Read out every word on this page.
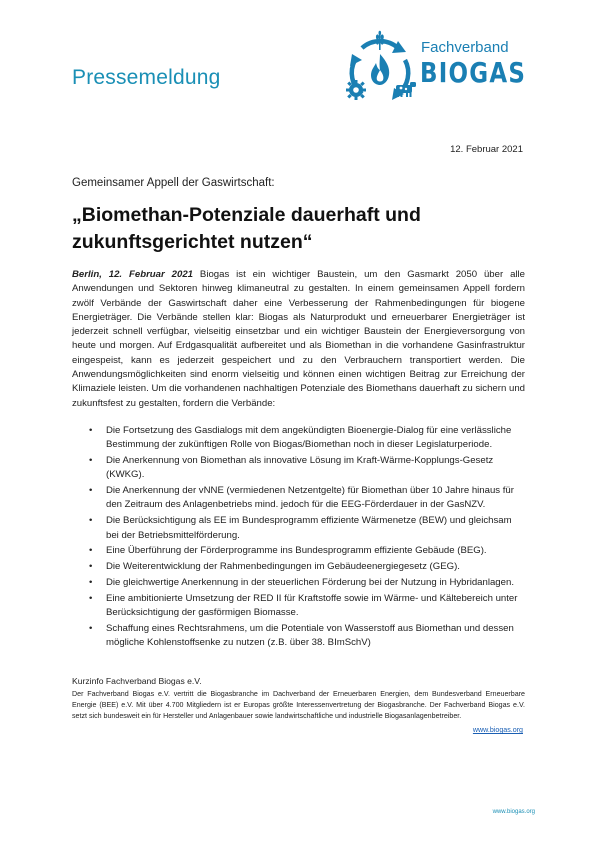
Pressemeldung
Fachverband
BIOGAS
12. Februar 2021
Gemeinsamer Appell der Gaswirtschaft:
„Biomethan-Potenziale dauerhaft und zukunftsgerichtet nutzen“
Berlin, 12. Februar 2021 Biogas ist ein wichtiger Baustein, um den Gasmarkt 2050 über alle Anwendungen und Sektoren hinweg klimaneutral zu gestalten. In einem gemeinsamen Appell fordern zwölf Verbände der Gaswirtschaft daher eine Verbesserung der Rahmenbedingungen für biogene Energieträger. Die Verbände stellen klar: Biogas als Naturprodukt und erneuerbarer Energieträger ist jederzeit schnell verfügbar, vielseitig einsetzbar und ein wichtiger Baustein der Energieversorgung von heute und morgen. Auf Erdgasqualität aufbereitet und als Biomethan in die vorhandene Gasinfrastruktur eingespeist, kann es jederzeit gespeichert und zu den Verbrauchern transportiert werden. Die Anwendungsmöglichkeiten sind enorm vielseitig und können einen wichtigen Beitrag zur Erreichung der Klimaziele leisten. Um die vorhandenen nachhaltigen Potenziale des Biomethans dauerhaft zu sichern und zukunftsfest zu gestalten, fordern die Verbände:
• Die Fortsetzung des Gasdialogs mit dem angekündigten Bioenergie-Dialog für eine verlässliche Bestimmung der zukünftigen Rolle von Biogas/Biomethan noch in dieser Legislaturperiode.
• Die Anerkennung von Biomethan als innovative Lösung im Kraft-Wärme-Kopplungs-Gesetz (KWKG).
• Die Anerkennung der vNNE (vermiedenen Netzentgelte) für Biomethan über 10 Jahre hinaus für den Zeitraum des Anlagenbetriebs mind. jedoch für die EEG-Förderdauer in der GasNZV.
• Die Berücksichtigung als EE im Bundesprogramm effiziente Wärmenetze (BEW) und gleichsam bei der Betriebsmittelförderung.
• Eine Überführung der Förderprogramme ins Bundesprogramm effiziente Gebäude (BEG).
• Die Weiterentwicklung der Rahmenbedingungen im Gebäudeenergiegesetz (GEG).
• Die gleichwertige Anerkennung in der steuerlichen Förderung bei der Nutzung in Hybridanlagen.
• Eine ambitionierte Umsetzung der RED II für Kraftstoffe sowie im Wärme- und Kältebereich unter Berücksichtigung der gasförmigen Biomasse.
• Schaffung eines Rechtsrahmens, um die Potentiale von Wasserstoff aus Biomethan und dessen mögliche Kohlenstoffsenke zu nutzen (z.B. über 38. BImSchV)
Kurzinfo Fachverband Biogas e.V.
Der Fachverband Biogas e.V. vertritt die Biogasbranche im Dachverband der Erneuerbaren Energien, dem Bundesverband Erneuerbare Energie (BEE) e.V. Mit über 4.700 Mitgliedern ist er Europas größte Interessenvertretung der Biogasbranche. Der Fachverband Biogas e.V. setzt sich bundesweit ein für Hersteller und Anlagenbauer sowie landwirtschaftliche und industrielle Biogasanlagenbetreiber.
www.biogas.org
www.biogas.org
